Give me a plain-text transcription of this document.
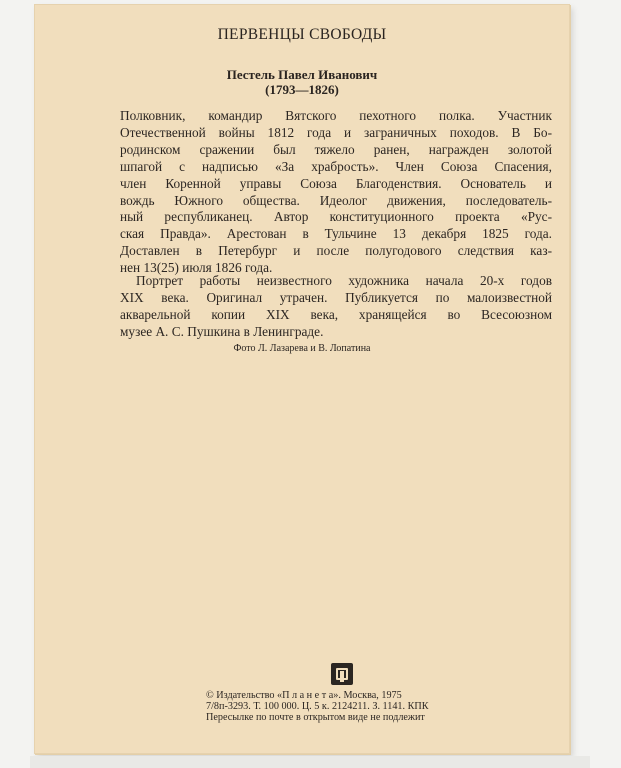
ПЕРВЕНЦЫ СВОБОДЫ
Пестель Павел Иванович
(1793—1826)
Полковник, командир Вятского пехотного полка. Участник
Отечественной войны 1812 года и заграничных походов. В Бо-
родинском сражении был тяжело ранен, награжден золотой
шпагой с надписью «За храбрость». Член Союза Спасения,
член Коренной управы Союза Благоденствия. Основатель и
вождь Южного общества. Идеолог движения, последователь-
ный республиканец. Автор конституционного проекта «Рус-
ская Правда». Арестован в Тульчине 13 декабря 1825 года.
Доставлен в Петербург и после полугодового следствия каз-
нен 13(25) июля 1826 года.
Портрет работы неизвестного художника начала 20-х годов
XIX века. Оригинал утрачен. Публикуется по малоизвестной
акварельной копии XIX века, хранящейся во Всесоюзном
музее А. С. Пушкина в Ленинграде.
Фото Л. Лазарева и В. Лопатина
© Издательство «П л а н е т а». Москва, 1975
7/8п-3293. Т. 100 000. Ц. 5 к. 2124211. З. 1141. КПК
Пересылке по почте в открытом виде не подлежит
